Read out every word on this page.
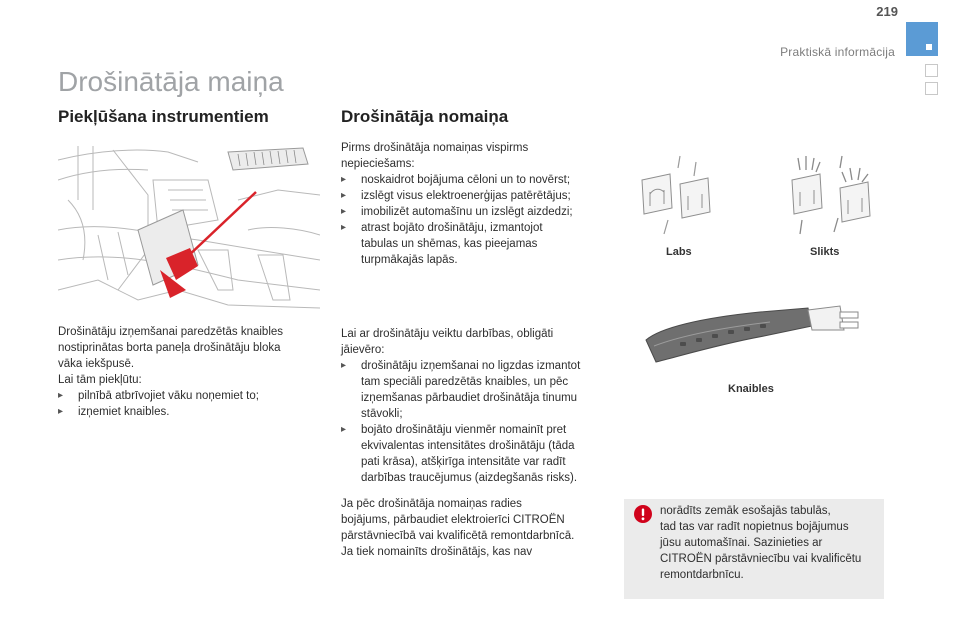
219
Praktiskā informācija
Drošinātāja maiņa
Piekļūšana instrumentiem	Drošinātāja nomaiņa
Drošinātāju izņemšanai paredzētās knaibles
nostiprinātas borta paneļa drošinātāju bloka
vāka iekšpusē.
Lai tām piekļūtu:
▸ pilnībā atbrīvojiet vāku noņemiet to;
▸ izņemiet knaibles.
Pirms drošinātāja nomaiņas vispirms
nepieciešams:
▸ noskaidrot bojājuma cēloni un to novērst;
▸ izslēgt visus elektroenerģijas patērētājus;
▸ imobilizēt automašīnu un izslēgt aizdedzi;
▸ atrast bojāto drošinātāju, izmantojot
tabulas un shēmas, kas pieejamas
turpmākajās lapās.
Lai ar drošinātāju veiktu darbības, obligāti
jāievēro:
▸ drošinātāju izņemšanai no ligzdas izmantot
tam speciāli paredzētās knaibles, un pēc
izņemšanas pārbaudiet drošinātāja tinumu
stāvokli;
▸ bojāto drošinātāju vienmēr nomainīt pret
ekvivalentas intensitātes drošinātāju (tāda
pati krāsa), atšķirīga intensitāte var radīt
darbības traucējumus (aizdegšanās risks).
Ja pēc drošinātāja nomaiņas radies
bojājums, pārbaudiet elektroierīci CITROËN
pārstāvniecībā vai kvalificētā remontdarbnīcā.
Ja tiek nomainīts drošinātājs, kas nav
Labs	Slikts
Knaibles
norādīts zemāk esošajās tabulās,
tad tas var radīt nopietnus bojājumus
jūsu automašīnai. Sazinieties ar
CITROËN pārstāvniecību vai kvalificētu
remontdarbnīcu.
